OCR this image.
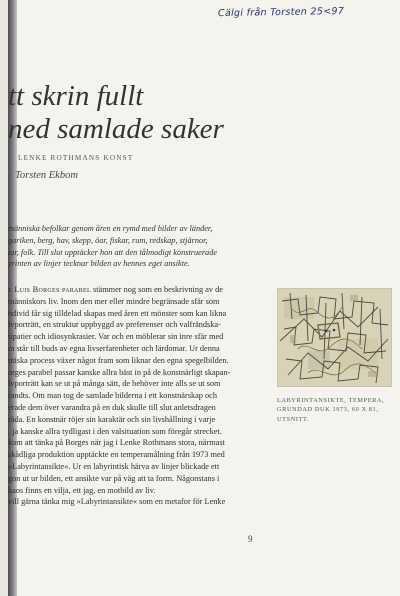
Cälgi från Torsten 25<97
tt skrin fullt
ned samlade saker
LENKE ROTHMANS KONST
Torsten Ekbom
människa befolkar genom åren en rymd med bilder av länder,
gariken, berg, hav, skepp, öar, fiskar, rum, redskap, stjärnor,
tar, folk. Till slut upptäcker hon att den tålmodigt konstruerade
yrinten av linjer tecknar bilden av hennes eget ansikte.
e Luis Borges parabel stämmer nog som en beskrivning av de
människors liv. Inom den mer eller mindre begränsade sfär som
ndivid får sig tilldelad skapas med åren ett mönster som kan likna
lvporträtt, en struktur uppbyggd av preferenser och valfrändska-
tipatier och idiosynkrasier. Var och en möblerar sin inre sfär med
m står till buds av egna livserfarenheter och lärdomar. Ur denna
ntiska process växer något fram som liknar den egna spegelbilden.
orges parabel passar kanske allra bäst in på de konstnärligt skapan-
lvporträtt kan se ut på många sätt, de behöver inte alls se ut som
randts. Om man tog de samlade bilderna i ett konstnärskap och
erade dem över varandra på en duk skulle till slut anletsdragen
räda. En konstnär röjer sin karaktär och sin livshållning i varje
, ja kanske allra tydligast i den valsituation som föregår strecket.
kom att tänka på Borges när jag i Lenke Rothmans stora, närmast
skådliga produktion upptäckte en temperamålning från 1973 med
»Labyrintansikte«. Ur en labyrintisk härva av linjer blickade ett
gon ut ur bilden, ett ansikte var på väg att ta form. Någonstans i
kaos finns en vilja, ett jag, en motbild av liv.
vill gärna tänka mig »Labyrintansikte« som en metafor för Lenke
LABYRINTANSIKTE, TEMPERA,
GRUNDAD DUK 1973, 60 X 81,
UTSNITT.
9
